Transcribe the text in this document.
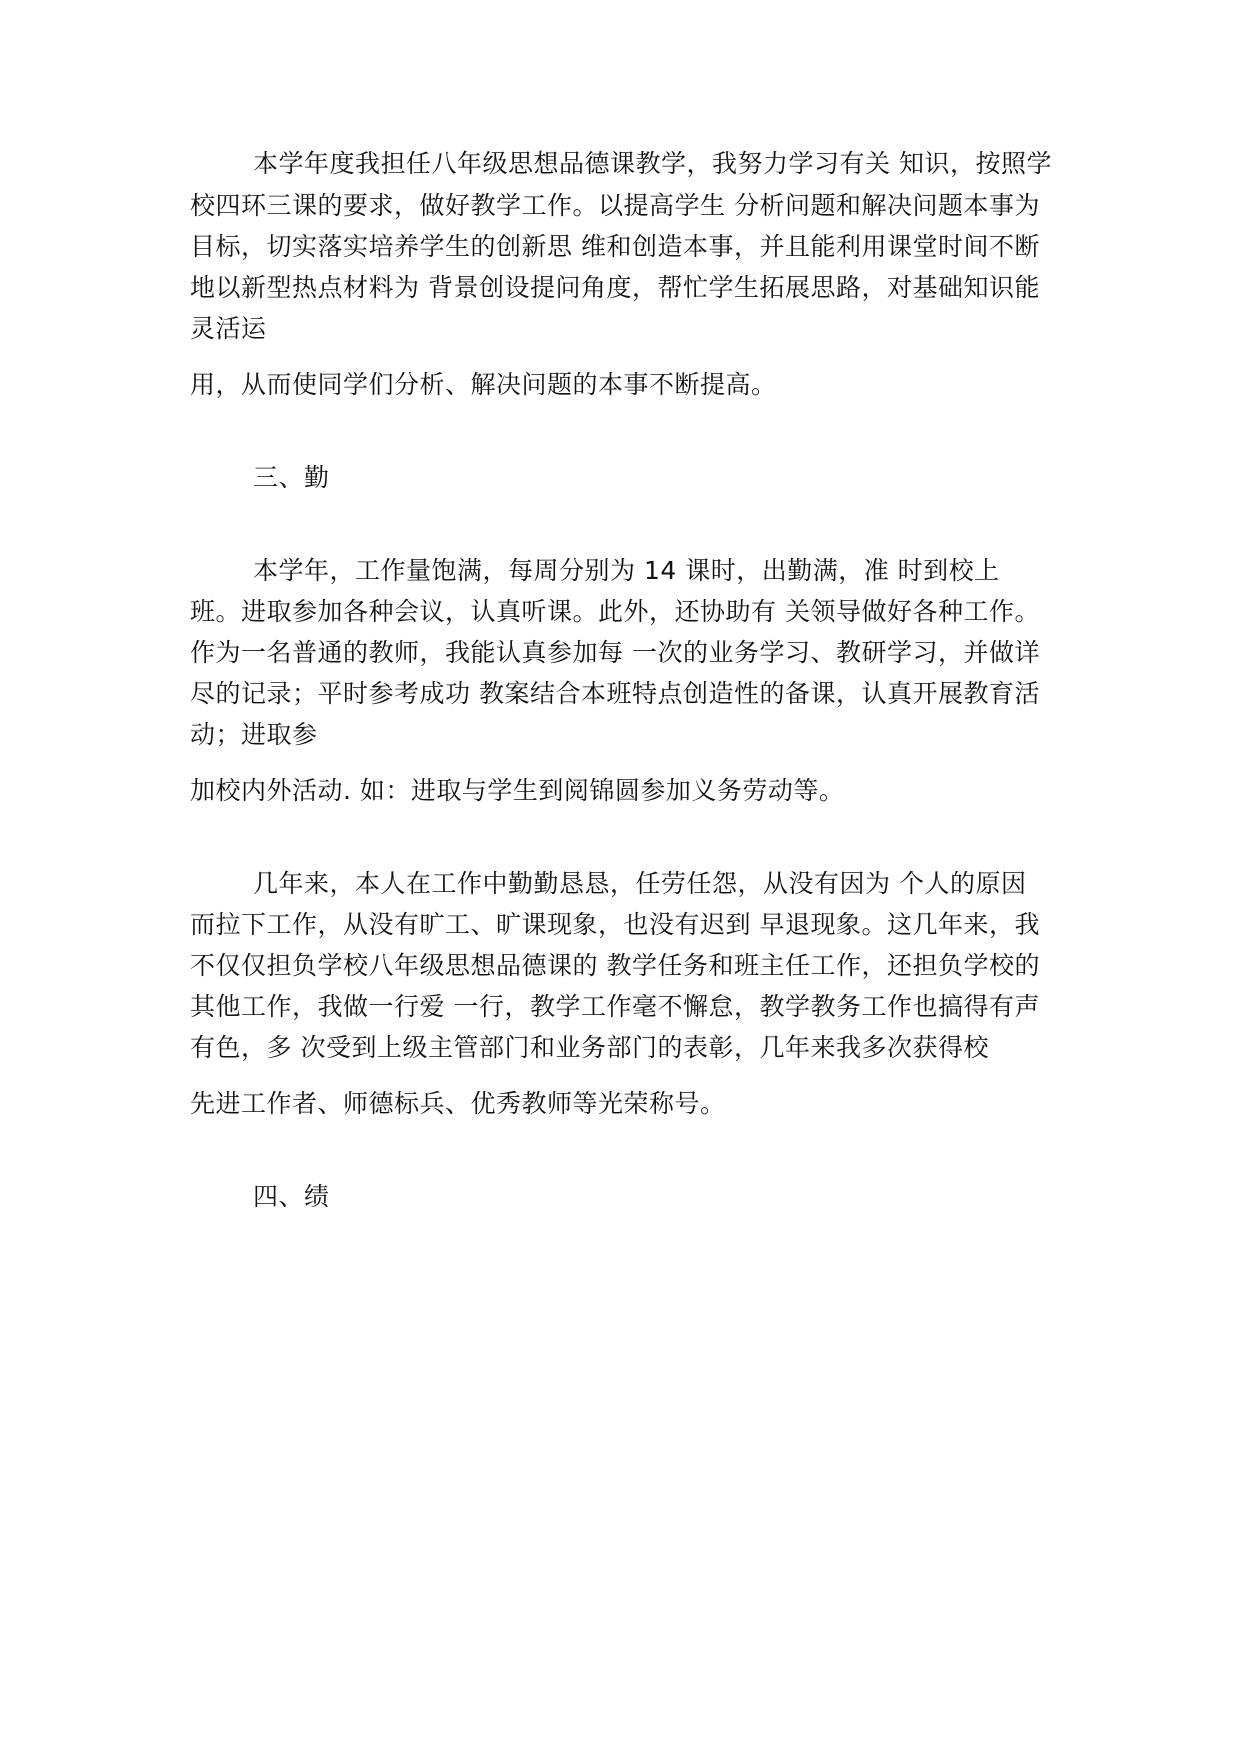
本学年度我担任八年级思想品德课教学，我努力学习有关 知识，按照学
校四环三课的要求，做好教学工作。以提高学生 分析问题和解决问题本事为
目标，切实落实培养学生的创新思 维和创造本事，并且能利用课堂时间不断
地以新型热点材料为 背景创设提问角度，帮忙学生拓展思路，对基础知识能
灵活运
用，从而使同学们分析、解决问题的本事不断提高。
三、勤
本学年，工作量饱满，每周分别为 14 课时，出勤满，准 时到校上
班。进取参加各种会议，认真听课。此外，还协助有 关领导做好各种工作。
作为一名普通的教师，我能认真参加每 一次的业务学习、教研学习，并做详
尽的记录；平时参考成功 教案结合本班特点创造性的备课，认真开展教育活
动；进取参
加校内外活动. 如：进取与学生到阅锦圆参加义务劳动等。
几年来，本人在工作中勤勤恳恳，任劳任怨，从没有因为 个人的原因
而拉下工作，从没有旷工、旷课现象，也没有迟到 早退现象。这几年来，我
不仅仅担负学校八年级思想品德课的 教学任务和班主任工作，还担负学校的
其他工作，我做一行爱 一行，教学工作毫不懈怠，教学教务工作也搞得有声
有色，多 次受到上级主管部门和业务部门的表彰，几年来我多次获得校
先进工作者、师德标兵、优秀教师等光荣称号。
四、绩
